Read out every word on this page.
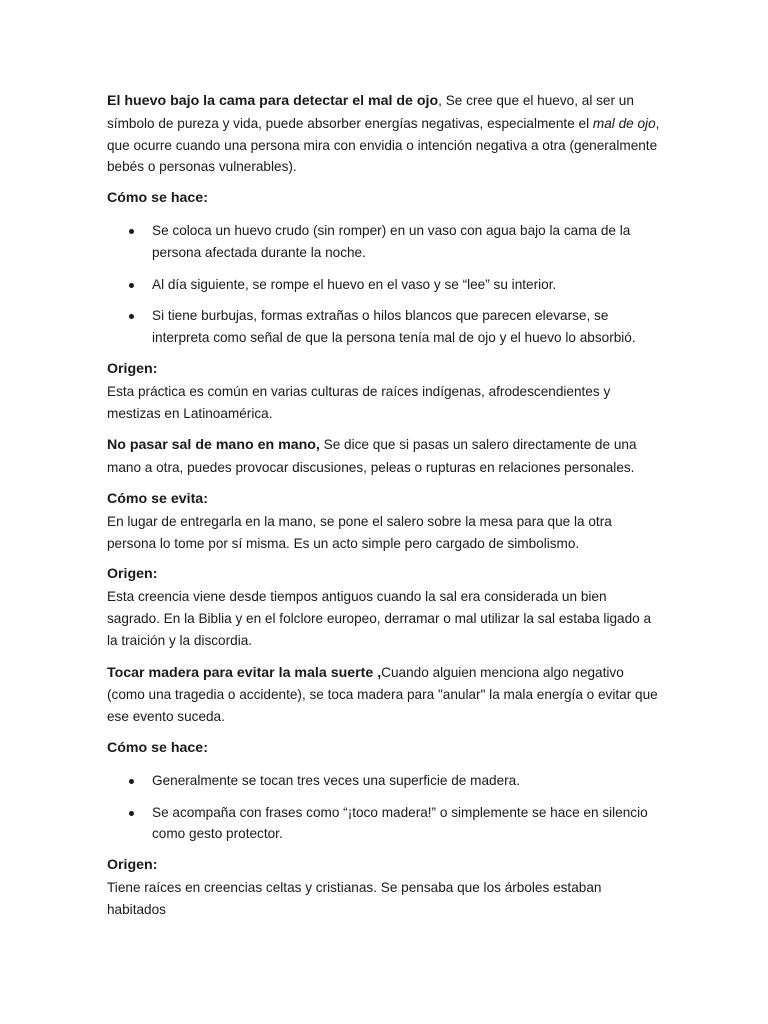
El huevo bajo la cama para detectar el mal de ojo, Se cree que el huevo, al ser un símbolo de pureza y vida, puede absorber energías negativas, especialmente el mal de ojo, que ocurre cuando una persona mira con envidia o intención negativa a otra (generalmente bebés o personas vulnerables).

Cómo se hace:

Se coloca un huevo crudo (sin romper) en un vaso con agua bajo la cama de la persona afectada durante la noche.
Al día siguiente, se rompe el huevo en el vaso y se “lee” su interior.
Si tiene burbujas, formas extrañas o hilos blancos que parecen elevarse, se interpreta como señal de que la persona tenía mal de ojo y el huevo lo absorbió.

Origen:

Esta práctica es común en varias culturas de raíces indígenas, afrodescendientes y mestizas en Latinoamérica.

No pasar sal de mano en mano, Se dice que si pasas un salero directamente de una mano a otra, puedes provocar discusiones, peleas o rupturas en relaciones personales.

Cómo se evita:

En lugar de entregarla en la mano, se pone el salero sobre la mesa para que la otra persona lo tome por sí misma. Es un acto simple pero cargado de simbolismo.

Origen:

Esta creencia viene desde tiempos antiguos cuando la sal era considerada un bien sagrado. En la Biblia y en el folclore europeo, derramar o mal utilizar la sal estaba ligado a la traición y la discordia.

Tocar madera para evitar la mala suerte ,Cuando alguien menciona algo negativo (como una tragedia o accidente), se toca madera para "anular" la mala energía o evitar que ese evento suceda.

Cómo se hace:

Generalmente se tocan tres veces una superficie de madera.
Se acompaña con frases como “¡toco madera!” o simplemente se hace en silencio como gesto protector.

Origen:

Tiene raíces en creencias celtas y cristianas. Se pensaba que los árboles estaban habitados
